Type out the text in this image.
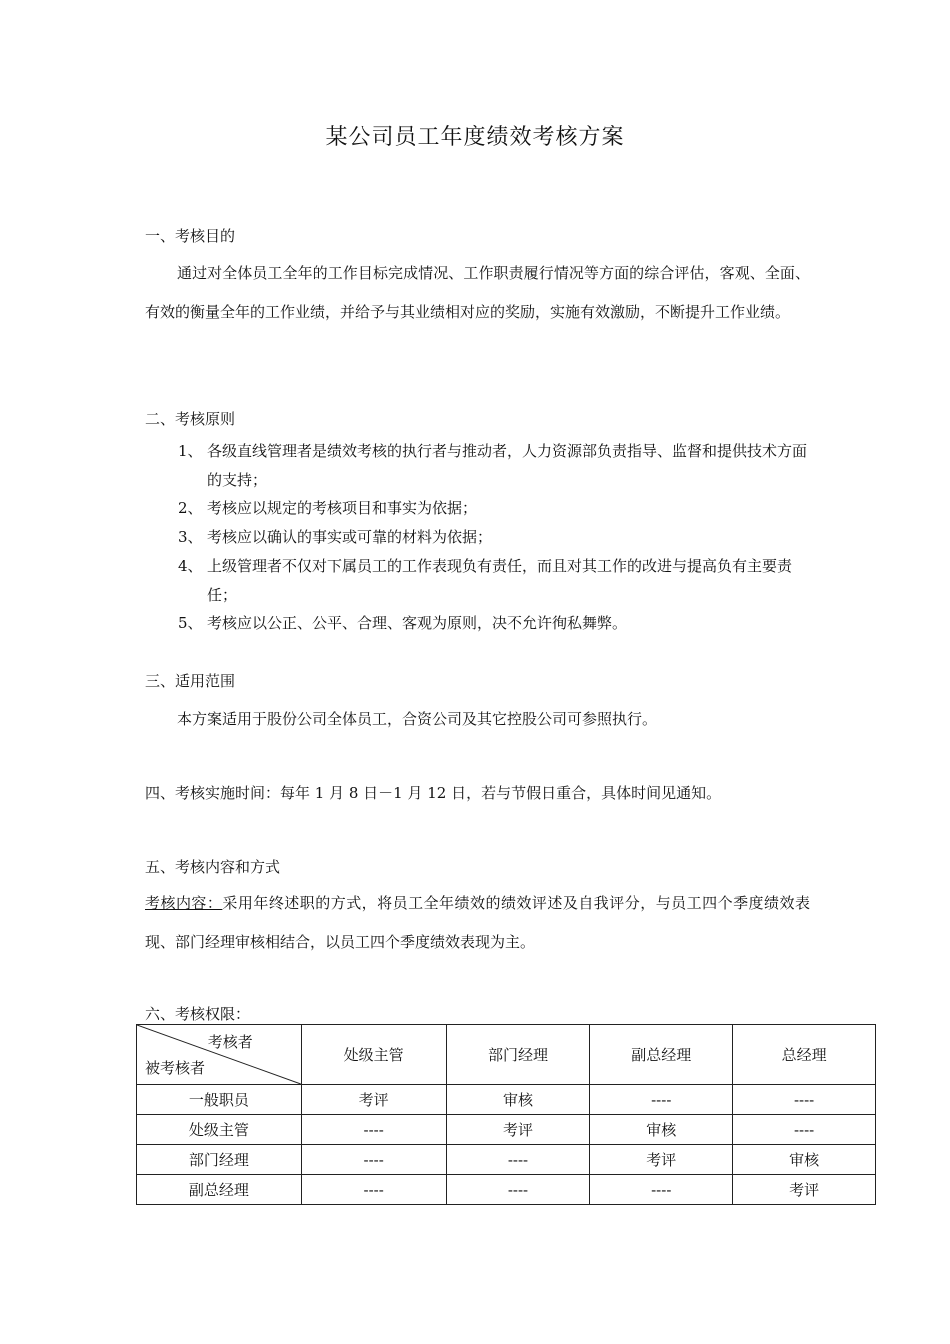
某公司员工年度绩效考核方案
一、考核目的
通过对全体员工全年的工作目标完成情况、工作职责履行情况等方面的综合评估，客观、全面、有效的衡量全年的工作业绩，并给予与其业绩相对应的奖励，实施有效激励，不断提升工作业绩。
二、考核原则
1、 各级直线管理者是绩效考核的执行者与推动者，人力资源部负责指导、监督和提供技术方面的支持；
2、 考核应以规定的考核项目和事实为依据；
3、 考核应以确认的事实或可靠的材料为依据；
4、 上级管理者不仅对下属员工的工作表现负有责任，而且对其工作的改进与提高负有主要责任；
5、 考核应以公正、公平、合理、客观为原则，决不允许徇私舞弊。
三、适用范围
本方案适用于股份公司全体员工，合资公司及其它控股公司可参照执行。
四、考核实施时间：每年 1 月 8 日－1 月 12 日，若与节假日重合，具体时间见通知。
五、考核内容和方式
考核内容：采用年终述职的方式，将员工全年绩效的绩效评述及自我评分，与员工四个季度绩效表现、部门经理审核相结合，以员工四个季度绩效表现为主。
六、考核权限：
考核者
被考核者	处级主管	部门经理	副总经理	总经理
一般职员	考评	审核	----	----
处级主管	----	考评	审核	----
部门经理	----	----	考评	审核
副总经理	----	----	----	考评
